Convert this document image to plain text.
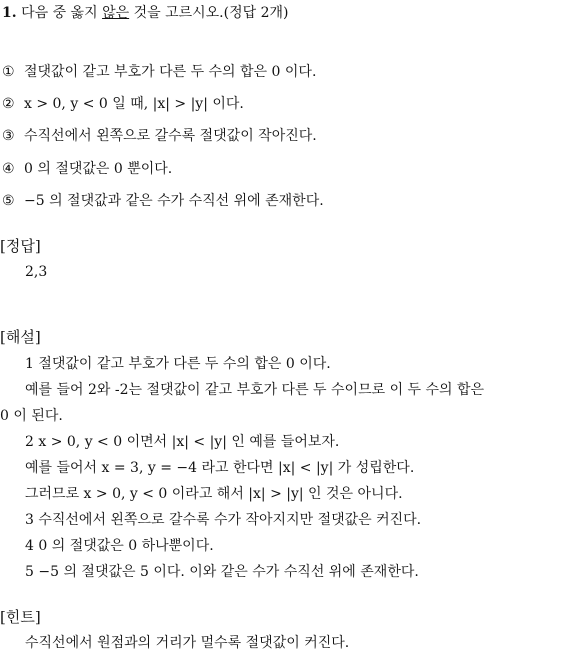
1. 다음 중 옳지 않은 것을 고르시오.(정답 2개)
① 절댓값이 같고 부호가 다른 두 수의 합은 0 이다.
② x > 0, y < 0 일 때, |x| > |y| 이다.
③ 수직선에서 왼쪽으로 갈수록 절댓값이 작아진다.
④ 0 의 절댓값은 0 뿐이다.
⑤ −5 의 절댓값과 같은 수가 수직선 위에 존재한다.
[정답]
2,3
[해설]
1 절댓값이 같고 부호가 다른 두 수의 합은 0 이다.
예를 들어 2와 -2는 절댓값이 같고 부호가 다른 두 수이므로 이 두 수의 합은
0 이 된다.
2 x > 0, y < 0 이면서 |x| < |y| 인 예를 들어보자.
예를 들어서 x = 3, y = −4 라고 한다면 |x| < |y| 가 성립한다.
그러므로 x > 0, y < 0 이라고 해서 |x| > |y| 인 것은 아니다.
3 수직선에서 왼쪽으로 갈수록 수가 작아지지만 절댓값은 커진다.
4 0 의 절댓값은 0 하나뿐이다.
5 −5 의 절댓값은 5 이다. 이와 같은 수가 수직선 위에 존재한다.
[힌트]
수직선에서 원점과의 거리가 멀수록 절댓값이 커진다.
